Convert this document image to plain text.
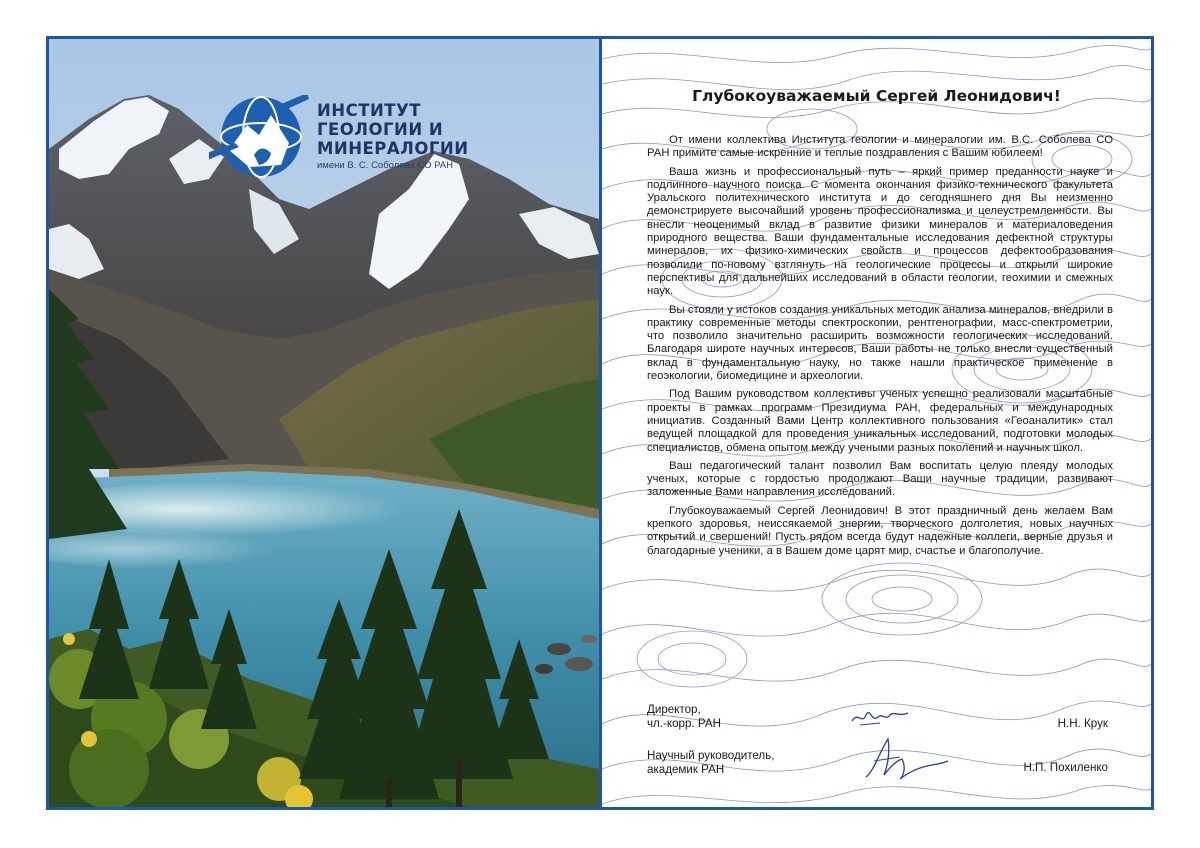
ИНСТИТУТ
ГЕОЛОГИИ И
МИНЕРАЛОГИИ
имени В. С. Соболева СО РАН
Глубокоуважаемый Сергей Леонидович!

От имени коллектива Института геологии и минералогии им. В.С. Соболева СО РАН примите самые искренние и теплые поздравления с Вашим юбилеем!

Ваша жизнь и профессиональный путь – яркий пример преданности науке и подлинного научного поиска. С момента окончания физико-технического факультета Уральского политехнического института и до сегодняшнего дня Вы неизменно демонстрируете высочайший уровень профессионализма и целеустремленности. Вы внесли неоценимый вклад в развитие физики минералов и материаловедения природного вещества. Ваши фундаментальные исследования дефектной структуры минералов, их физико-химических свойств и процессов дефектообразования позволили по-новому взглянуть на геологические процессы и открыли широкие перспективы для дальнейших исследований в области геологии, геохимии и смежных наук.

Вы стояли у истоков создания уникальных методик анализа минералов, внедрили в практику современные методы спектроскопии, рентгенографии, масс-спектрометрии, что позволило значительно расширить возможности геологических исследований. Благодаря широте научных интересов, Ваши работы не только внесли существенный вклад в фундаментальную науку, но также нашли практическое применение в геоэкологии, биомедицине и археологии.

Под Вашим руководством коллективы ученых успешно реализовали масштабные проекты в рамках программ Президиума РАН, федеральных и международных инициатив. Созданный Вами Центр коллективного пользования «Геоаналитик» стал ведущей площадкой для проведения уникальных исследований, подготовки молодых специалистов, обмена опытом между учеными разных поколений и научных школ.

Ваш педагогический талант позволил Вам воспитать целую плеяду молодых ученых, которые с гордостью продолжают Ваши научные традиции, развивают заложенные Вами направления исследований.

Глубокоуважаемый Сергей Леонидович! В этот праздничный день желаем Вам крепкого здоровья, неиссякаемой энергии, творческого долголетия, новых научных открытий и свершений! Пусть рядом всегда будут надежные коллеги, верные друзья и благодарные ученики, а в Вашем доме царят мир, счастье и благополучие.

Директор,
чл.-корр. РАН	Н.Н. Крук
Научный руководитель,
академик РАН	Н.П. Похиленко
